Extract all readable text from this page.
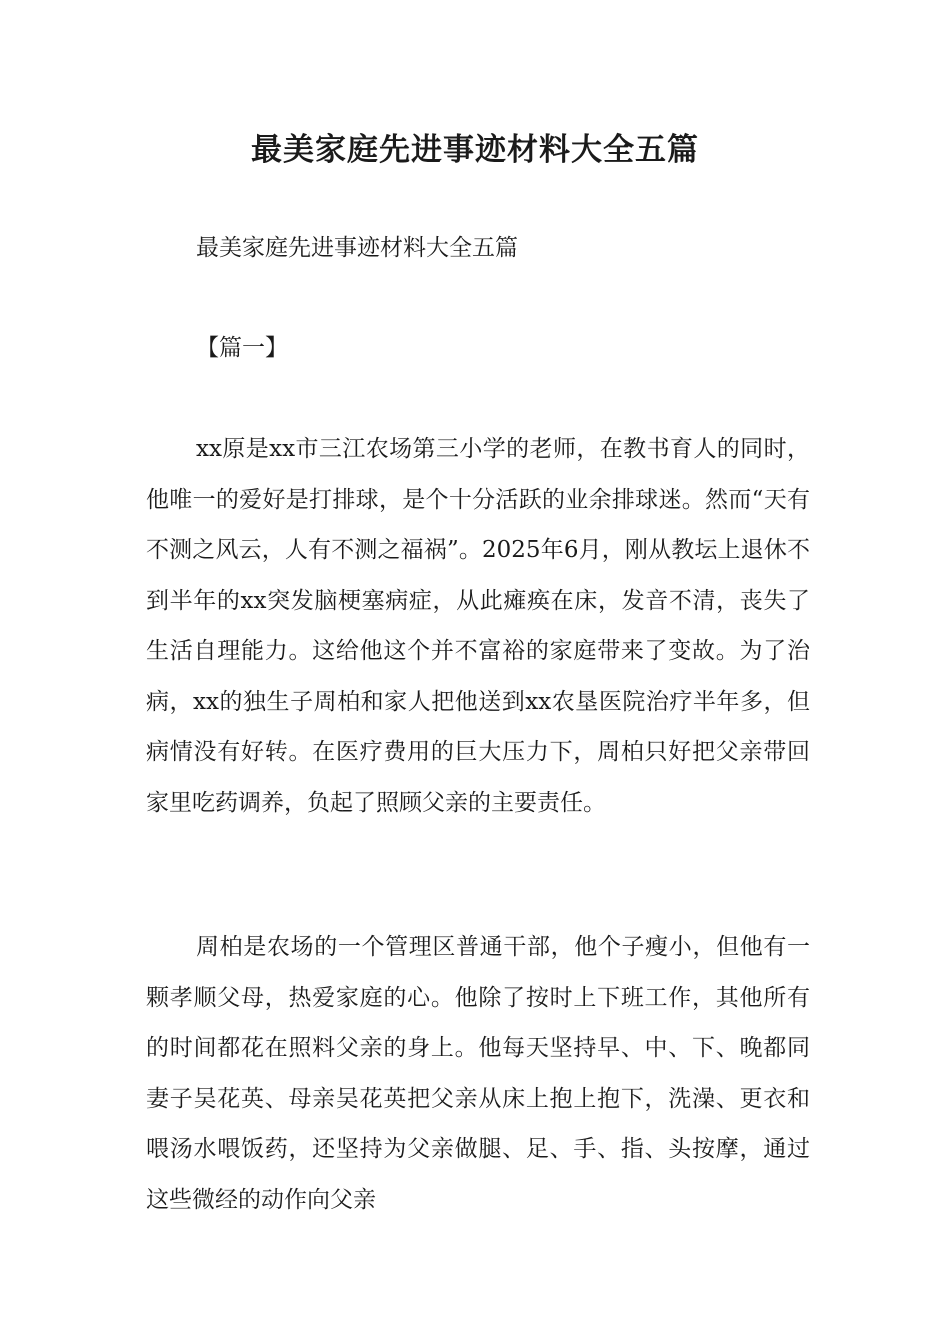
最美家庭先进事迹材料大全五篇

最美家庭先进事迹材料大全五篇

【篇一】

xx原是xx市三江农场第三小学的老师，在教书育人的同时，他唯一的爱好是打排球，是个十分活跃的业余排球迷。然而“天有不测之风云，人有不测之福祸”。2025年6月，刚从教坛上退休不到半年的xx突发脑梗塞病症，从此瘫痪在床，发音不清，丧失了生活自理能力。这给他这个并不富裕的家庭带来了变故。为了治病，xx的独生子周柏和家人把他送到xx农垦医院治疗半年多，但病情没有好转。在医疗费用的巨大压力下，周柏只好把父亲带回家里吃药调养，负起了照顾父亲的主要责任。

周柏是农场的一个管理区普通干部，他个子瘦小，但他有一颗孝顺父母，热爱家庭的心。他除了按时上下班工作，其他所有的时间都花在照料父亲的身上。他每天坚持早、中、下、晚都同妻子吴花英、母亲吴花英把父亲从床上抱上抱下，洗澡、更衣和喂汤水喂饭药，还坚持为父亲做腿、足、手、指、头按摩，通过这些微经的动作向父亲
